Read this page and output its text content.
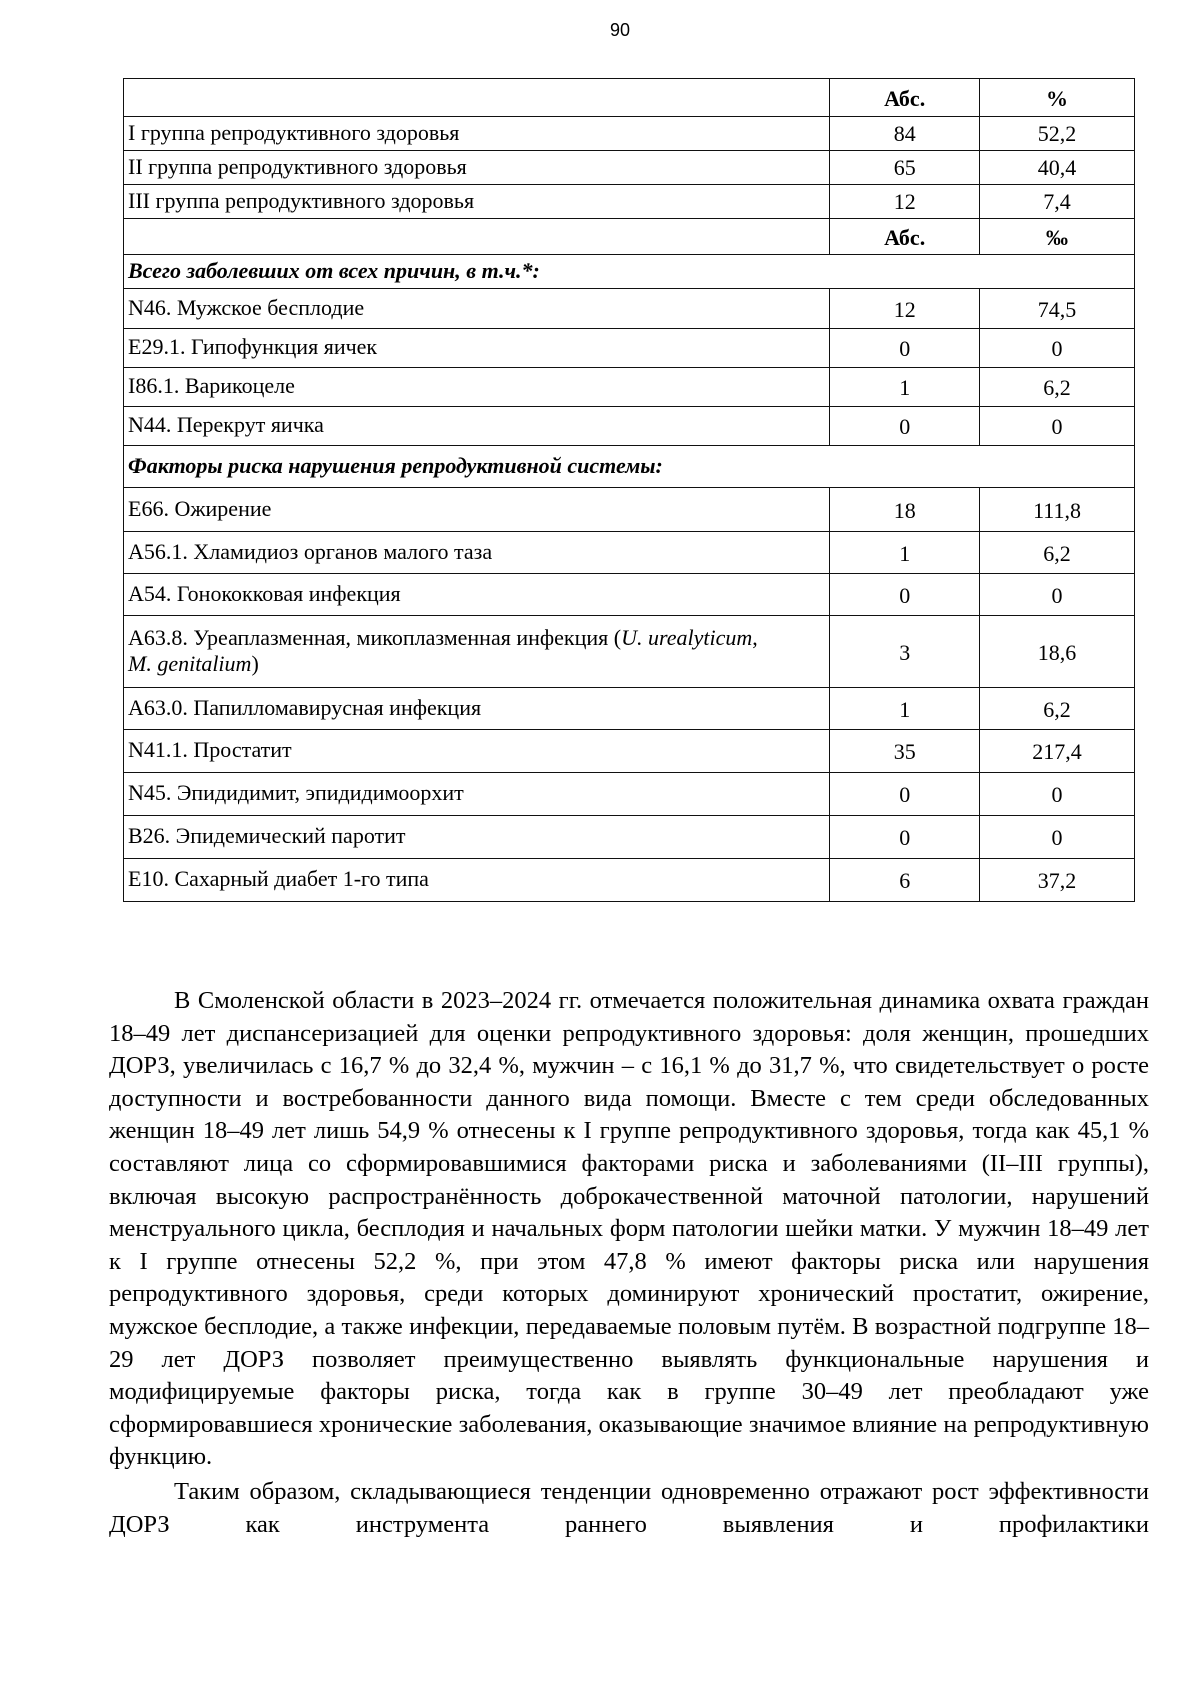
90
	Абс.	%
I группа репродуктивного здоровья	84	52,2
II группа репродуктивного здоровья	65	40,4
III группа репродуктивного здоровья	12	7,4
	Абс.	‰
Всего заболевших от всех причин, в т.ч.*:		
N46. Мужское бесплодие	12	74,5
E29.1. Гипофункция яичек	0	0
I86.1. Варикоцеле	1	6,2
N44. Перекрут яичка	0	0
Факторы риска нарушения репродуктивной системы:		
E66. Ожирение	18	111,8
A56.1. Хламидиоз органов малого таза	1	6,2
A54. Гонококковая инфекция	0	0
A63.8. Уреаплазменная, микоплазменная инфекция (U. urealyticum,
M. genitalium)	3	18,6
A63.0. Папилломавирусная инфекция	1	6,2
N41.1. Простатит	35	217,4
N45. Эпидидимит, эпидидимоорхит	0	0
B26. Эпидемический паротит	0	0
E10. Сахарный диабет 1-го типа	6	37,2

В Смоленской области в 2023–2024 гг. отмечается положительная динамика охвата граждан 18–49 лет диспансеризацией для оценки репродуктивного здоровья: доля женщин, прошедших ДОРЗ, увеличилась с 16,7 % до 32,4 %, мужчин – с 16,1 % до 31,7 %, что свидетельствует о росте доступности и востребованности данного вида помощи. Вместе с тем среди обследованных женщин 18–49 лет лишь 54,9 % отнесены к I группе репродуктивного здоровья, тогда как 45,1 % составляют лица со сформировавшимися факторами риска и заболеваниями (II–III группы), включая высокую распространённость доброкачественной маточной патологии, нарушений менструального цикла, бесплодия и начальных форм патологии шейки матки. У мужчин 18–49 лет к I группе отнесены 52,2 %, при этом 47,8 % имеют факторы риска или нарушения репродуктивного здоровья, среди которых доминируют хронический простатит, ожирение, мужское бесплодие, а также инфекции, передаваемые половым путём. В возрастной подгруппе 18–29 лет ДОРЗ позволяет преимущественно выявлять функциональные нарушения и модифицируемые факторы риска, тогда как в группе 30–49 лет преобладают уже сформировавшиеся хронические заболевания, оказывающие значимое влияние на репродуктивную функцию.

Таким образом, складывающиеся тенденции одновременно отражают рост эффективности ДОРЗ как инструмента раннего выявления и профилактики
